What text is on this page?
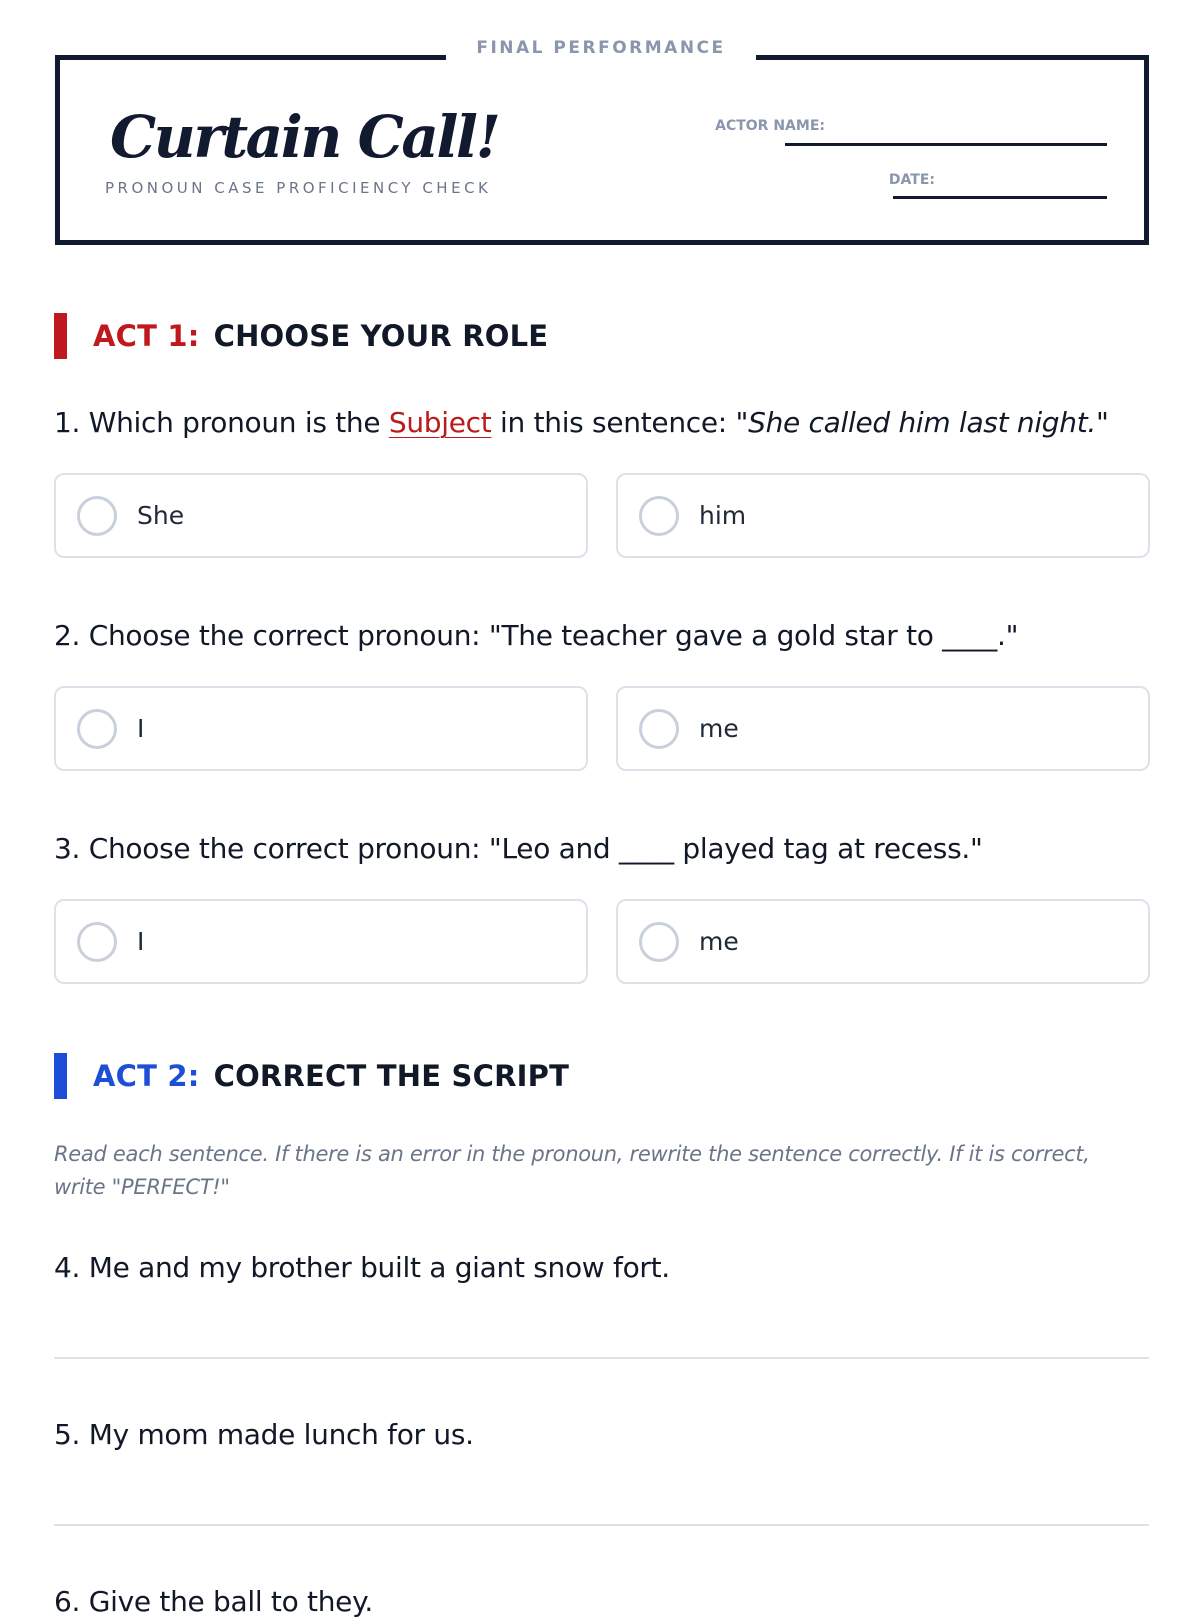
Curtain Call!
PRONOUN CASE PROFICIENCY CHECK
ACTOR NAME:
DATE:
FINAL PERFORMANCE
ACT 1: CHOOSE YOUR ROLE
1. Which pronoun is the Subject in this sentence: "She called him last night."
She	him
2. Choose the correct pronoun: "The teacher gave a gold star to ____."
I	me
3. Choose the correct pronoun: "Leo and ____ played tag at recess."
I	me
ACT 2: CORRECT THE SCRIPT
Read each sentence. If there is an error in the pronoun, rewrite the sentence correctly. If it is correct, write "PERFECT!"
4. Me and my brother built a giant snow fort.
5. My mom made lunch for us.
6. Give the ball to they.
